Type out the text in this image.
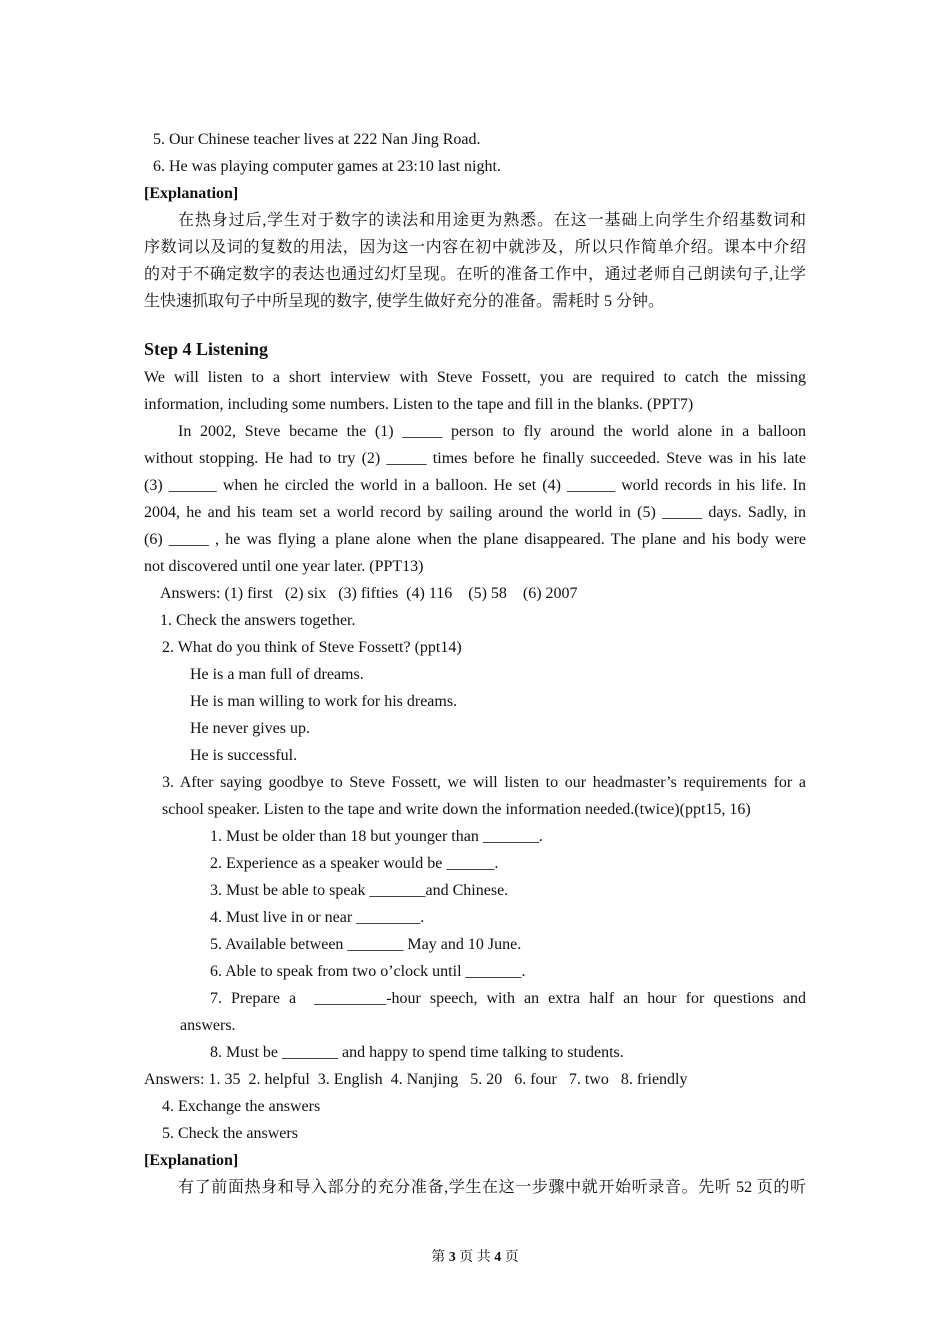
5. Our Chinese teacher lives at 222 Nan Jing Road.
6. He was playing computer games at 23:10 last night.
[Explanation]
在热身过后,学生对于数字的读法和用途更为熟悉。在这一基础上向学生介绍基数词和
序数词以及词的复数的用法，因为这一内容在初中就涉及，所以只作简单介绍。课本中介绍
的对于不确定数字的表达也通过幻灯呈现。在听的准备工作中，通过老师自己朗读句子,让学
生快速抓取句子中所呈现的数字, 使学生做好充分的准备。需耗时 5 分钟。
Step 4 Listening
We will listen to a short interview with Steve Fossett, you are required to catch the missing
information, including some numbers. Listen to the tape and fill in the blanks. (PPT7)
In 2002, Steve became the (1) _____ person to fly around the world alone in a balloon
without stopping. He had to try (2) _____ times before he finally succeeded. Steve was in his late
(3) ______ when he circled the world in a balloon. He set (4) ______ world records in his life. In
2004, he and his team set a world record by sailing around the world in (5) _____ days. Sadly, in
(6) _____ , he was flying a plane alone when the plane disappeared. The plane and his body were
not discovered until one year later. (PPT13)
Answers: (1) first   (2) six   (3) fifties  (4) 116    (5) 58    (6) 2007
1. Check the answers together.
2. What do you think of Steve Fossett? (ppt14)
He is a man full of dreams.
He is man willing to work for his dreams.
He never gives up.
He is successful.
3. After saying goodbye to Steve Fossett, we will listen to our headmaster’s requirements for a
school speaker. Listen to the tape and write down the information needed.(twice)(ppt15, 16)
1. Must be older than 18 but younger than _______.
2. Experience as a speaker would be ______.
3. Must be able to speak _______and Chinese.
4. Must live in or near ________.
5. Available between _______ May and 10 June.
6. Able to speak from two o’clock until _______.
7.  Prepare  a    _________-hour  speech,  with  an  extra  half  an  hour  for  questions  and
answers.
8. Must be _______ and happy to spend time talking to students.
Answers: 1. 35  2. helpful  3. English  4. Nanjing   5. 20   6. four   7. two   8. friendly
4. Exchange the answers
5. Check the answers
[Explanation]
有了前面热身和导入部分的充分准备,学生在这一步骤中就开始听录音。先听 52 页的听
第 3 页 共 4 页
